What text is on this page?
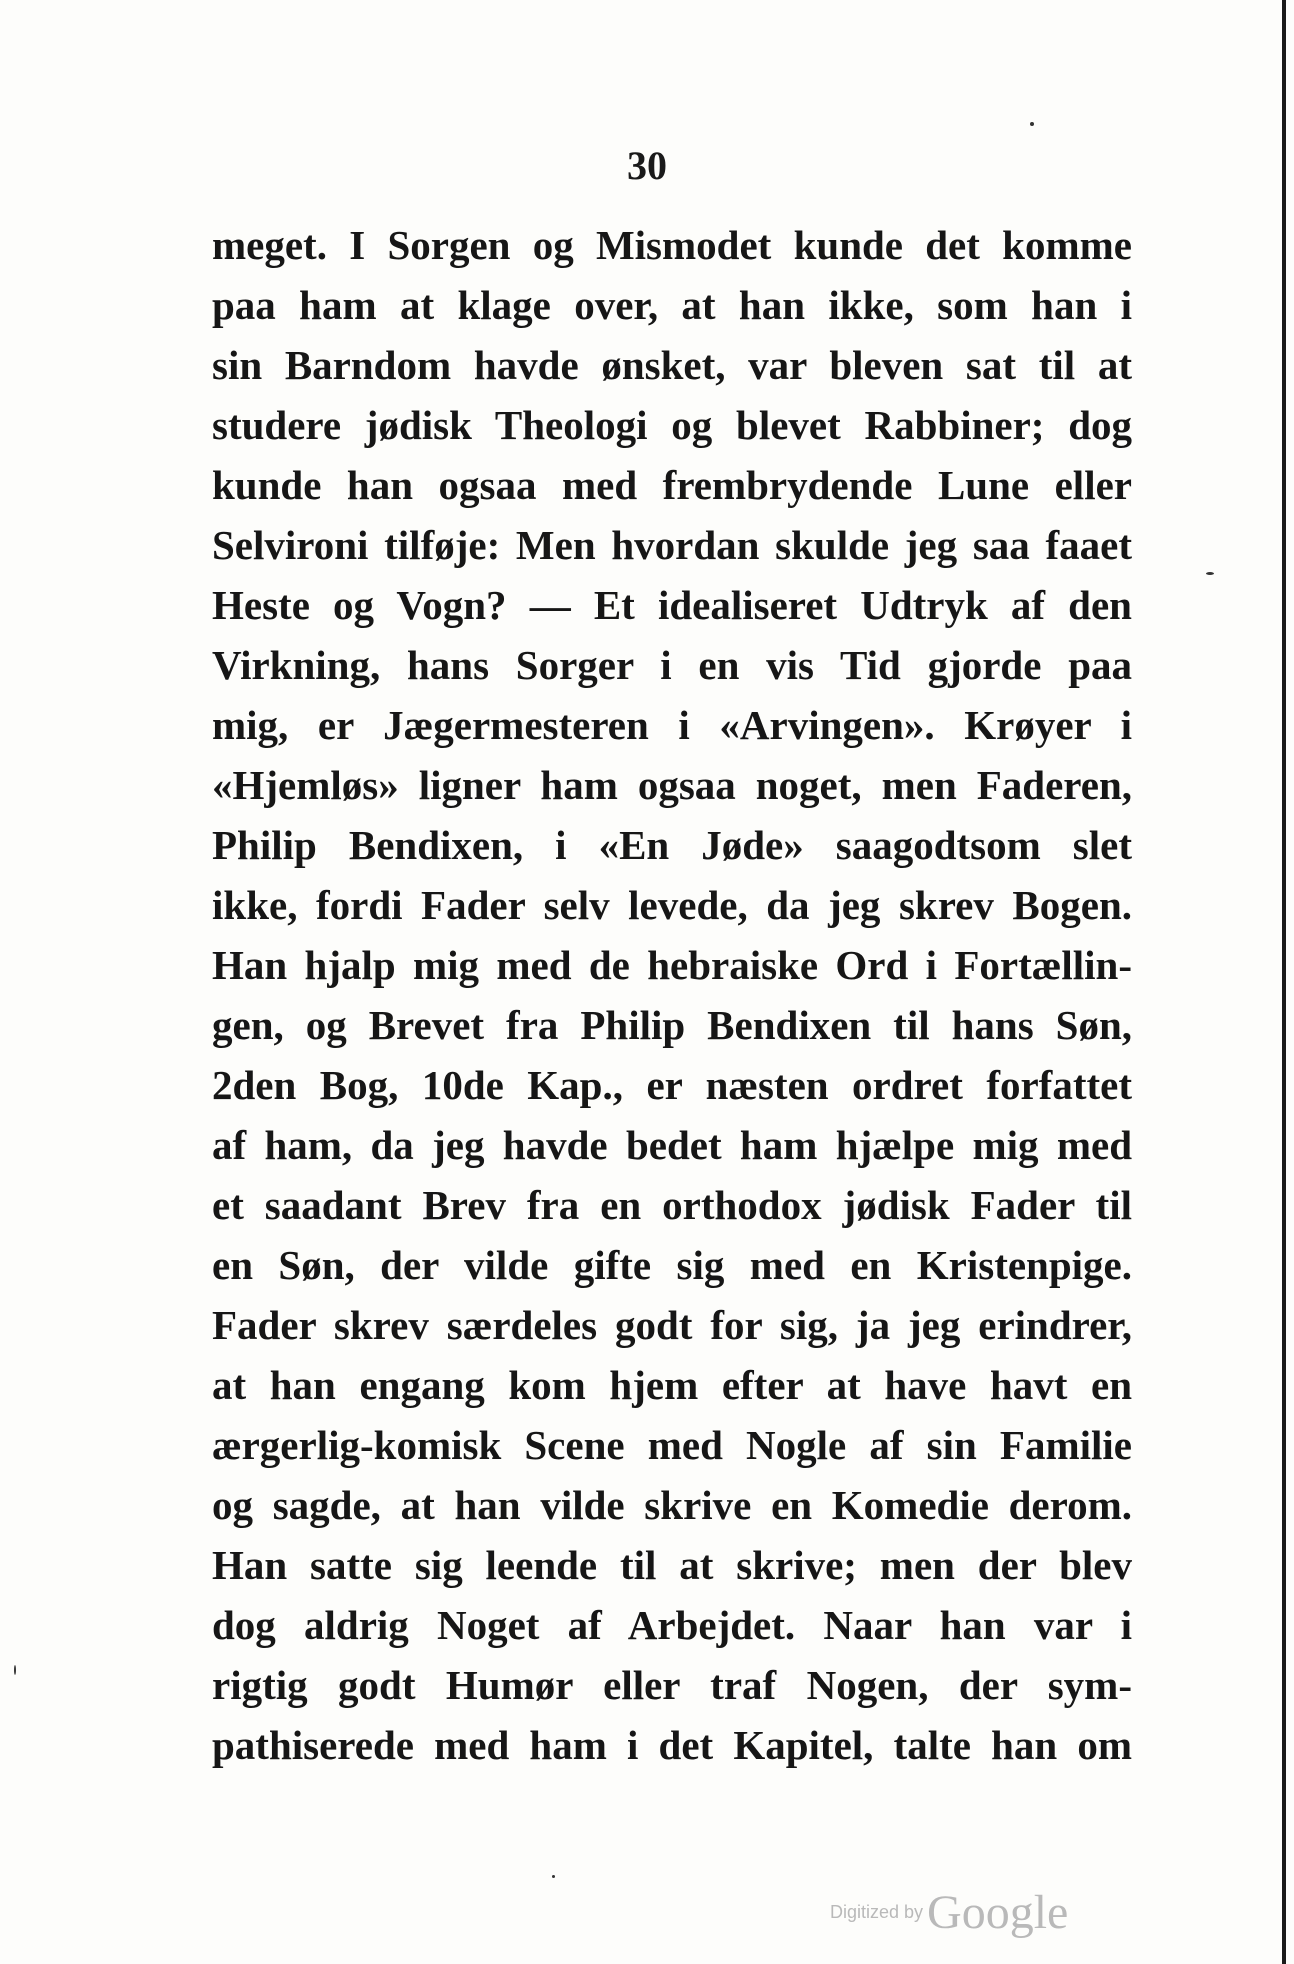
30
meget. I Sorgen og Mismodet kunde det komme
paa ham at klage over, at han ikke, som han i
sin Barndom havde ønsket, var bleven sat til at
studere jødisk Theologi og blevet Rabbiner; dog
kunde han ogsaa med frembrydende Lune eller
Selvironi tilføje: Men hvordan skulde jeg saa faaet
Heste og Vogn? — Et idealiseret Udtryk af den
Virkning, hans Sorger i en vis Tid gjorde paa
mig, er Jægermesteren i «Arvingen». Krøyer i
«Hjemløs» ligner ham ogsaa noget, men Faderen,
Philip Bendixen, i «En Jøde» saagodtsom slet
ikke, fordi Fader selv levede, da jeg skrev Bogen.
Han hjalp mig med de hebraiske Ord i Fortællin-
gen, og Brevet fra Philip Bendixen til hans Søn,
2den Bog, 10de Kap., er næsten ordret forfattet
af ham, da jeg havde bedet ham hjælpe mig med
et saadant Brev fra en orthodox jødisk Fader til
en Søn, der vilde gifte sig med en Kristenpige.
Fader skrev særdeles godt for sig, ja jeg erindrer,
at han engang kom hjem efter at have havt en
ærgerlig-komisk Scene med Nogle af sin Familie
og sagde, at han vilde skrive en Komedie derom.
Han satte sig leende til at skrive; men der blev
dog aldrig Noget af Arbejdet. Naar han var i
rigtig godt Humør eller traf Nogen, der sym-
pathiserede med ham i det Kapitel, talte han om
Digitized by Google
